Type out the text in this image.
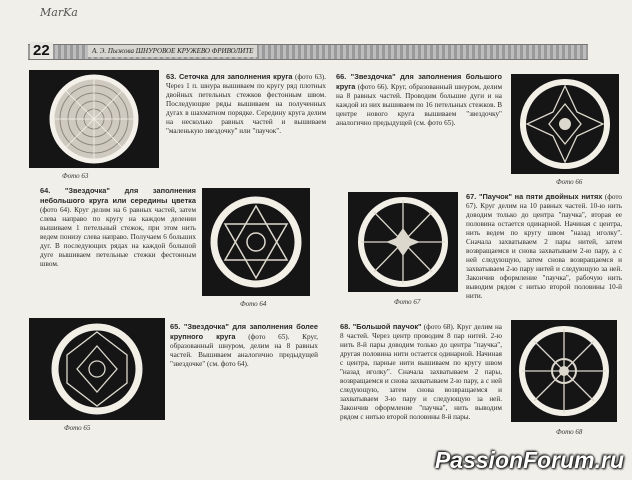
MarKa
22	А. Э. Пыжова ШНУРОВОЕ КРУЖЕВО ФРИВОЛИТЕ
Фото 63
63. Сеточка для заполнения круга (фото 63). Через 1 п. шнура вышиваем по кругу ряд плотных двойных петельных стежков фестонным швом. Последующие ряды вышиваем на полученных дугах в шахматном порядке. Середину круга делим на несколько равных частей и вышиваем "маленькую звездочку" или "паучок".
64. "Звездочка" для заполнения небольшого круга или середины цветка (фото 64). Круг делим на 6 равных частей, затем слева направо по кругу на каждом делении вышиваем 1 петельный стежок, при этом нить ведем понизу слева направо. Получаем 6 больших дуг. В последующих рядах на каждой большой дуге вышиваем петельные стежки фестонным швом.
Фото 64
Фото 65
65. "Звездочка" для заполнения более крупного круга (фото 65). Круг, образованный шнуром, делим на 8 равных частей. Вышиваем аналогично предыдущей "звездочке" (см. фото 64).
66. "Звездочка" для заполнения большого круга (фото 66). Круг, образованный шнуром, делим на 8 равных частей. Проводим большие дуги и на каждой из них вышиваем по 16 петельных стежков. В центре нового круга вышиваем "звездочку" аналогично предыдущей (см. фото 65).
Фото 66
Фото 67
67. "Паучок" на пяти двойных нитях (фото 67). Круг делим на 10 равных частей. 10-ю нить доводим только до центра "паучка", вторая ее половина остается одинарной. Начиная с центра, нить ведем по кругу швом "назад иголку". Сначала захватываем 2 пары нитей, затем возвращаемся и снова захватываем 2-ю пару, а с ней следующую, затем снова возвращаемся и захватываем 2-ю пару нитей и следующую за ней. Закончив оформление "паучка", рабочую нить выводим рядом с нитью второй половины 10-й нити.
68. "Большой паучок" (фото 68). Круг делим на 8 частей. Через центр проводим 8 пар нитей. 2-ю нить 8-й пары доводим только до центра "паучка", другая половина нити остается одинарной. Начиная с центра, парные нити вышиваем по кругу швом "назад иголку". Сначала захватываем 2 пары, возвращаемся и снова захватываем 2-ю пару, а с ней следующую, затем снова возвращаемся и захватываем 3-ю пару и следующую за ней. Закончив оформление "паучка", нить выводим рядом с нитью второй половины 8-й пары.
Фото 68
PassionForum.ru
